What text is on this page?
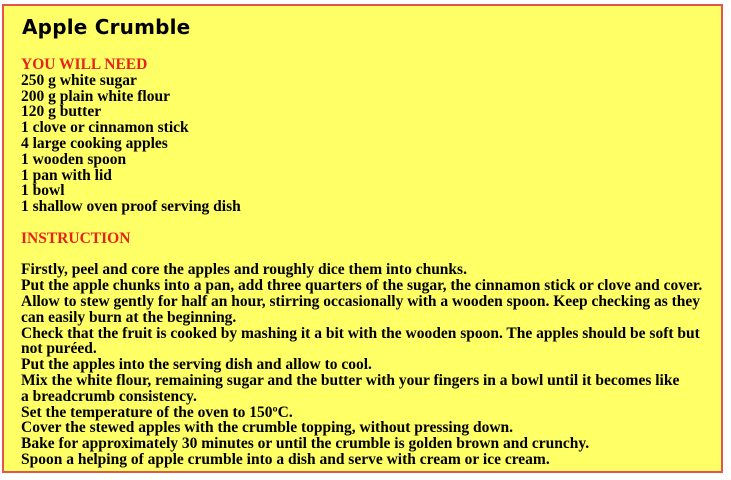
Apple Crumble
YOU WILL NEED
250 g white sugar
200 g plain white flour
120 g butter
1 clove or cinnamon stick
4 large cooking apples
1 wooden spoon
1 pan with lid
1 bowl
1 shallow oven proof serving dish
INSTRUCTION
Firstly, peel and core the apples and roughly dice them into chunks.
Put the apple chunks into a pan, add three quarters of the sugar, the cinnamon stick or clove and cover.
Allow to stew gently for half an hour, stirring occasionally with a wooden spoon. Keep checking as they
can easily burn at the beginning.
Check that the fruit is cooked by mashing it a bit with the wooden spoon. The apples should be soft but
not puréed.
Put the apples into the serving dish and allow to cool.
Mix the white flour, remaining sugar and the butter with your fingers in a bowl until it becomes like
a breadcrumb consistency.
Set the temperature of the oven to 150ºC.
Cover the stewed apples with the crumble topping, without pressing down.
Bake for approximately 30 minutes or until the crumble is golden brown and crunchy.
Spoon a helping of apple crumble into a dish and serve with cream or ice cream.
